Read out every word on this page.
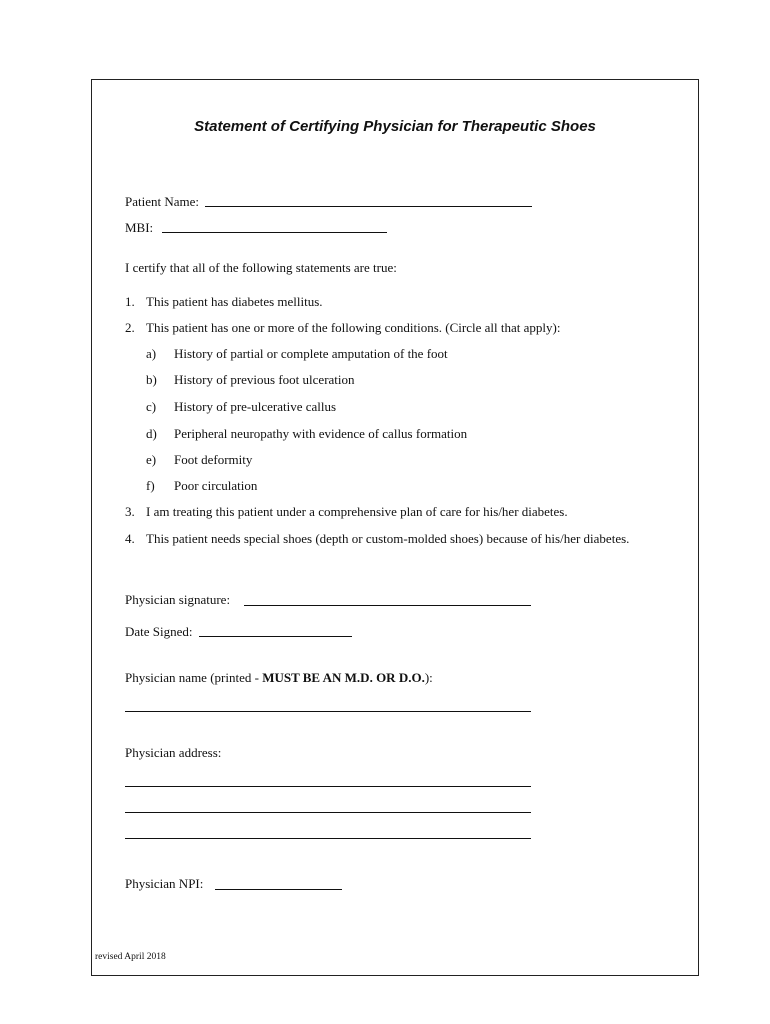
Statement of Certifying Physician for Therapeutic Shoes
Patient Name:
MBI:
I certify that all of the following statements are true:
1. This patient has diabetes mellitus.
2. This patient has one or more of the following conditions. (Circle all that apply):
a) History of partial or complete amputation of the foot
b) History of previous foot ulceration
c) History of pre-ulcerative callus
d) Peripheral neuropathy with evidence of callus formation
e) Foot deformity
f) Poor circulation
3. I am treating this patient under a comprehensive plan of care for his/her diabetes.
4. This patient needs special shoes (depth or custom-molded shoes) because of his/her diabetes.
Physician signature:
Date Signed:
Physician name (printed - MUST BE AN M.D. OR D.O.):
Physician address:
Physician NPI:
revised April 2018
